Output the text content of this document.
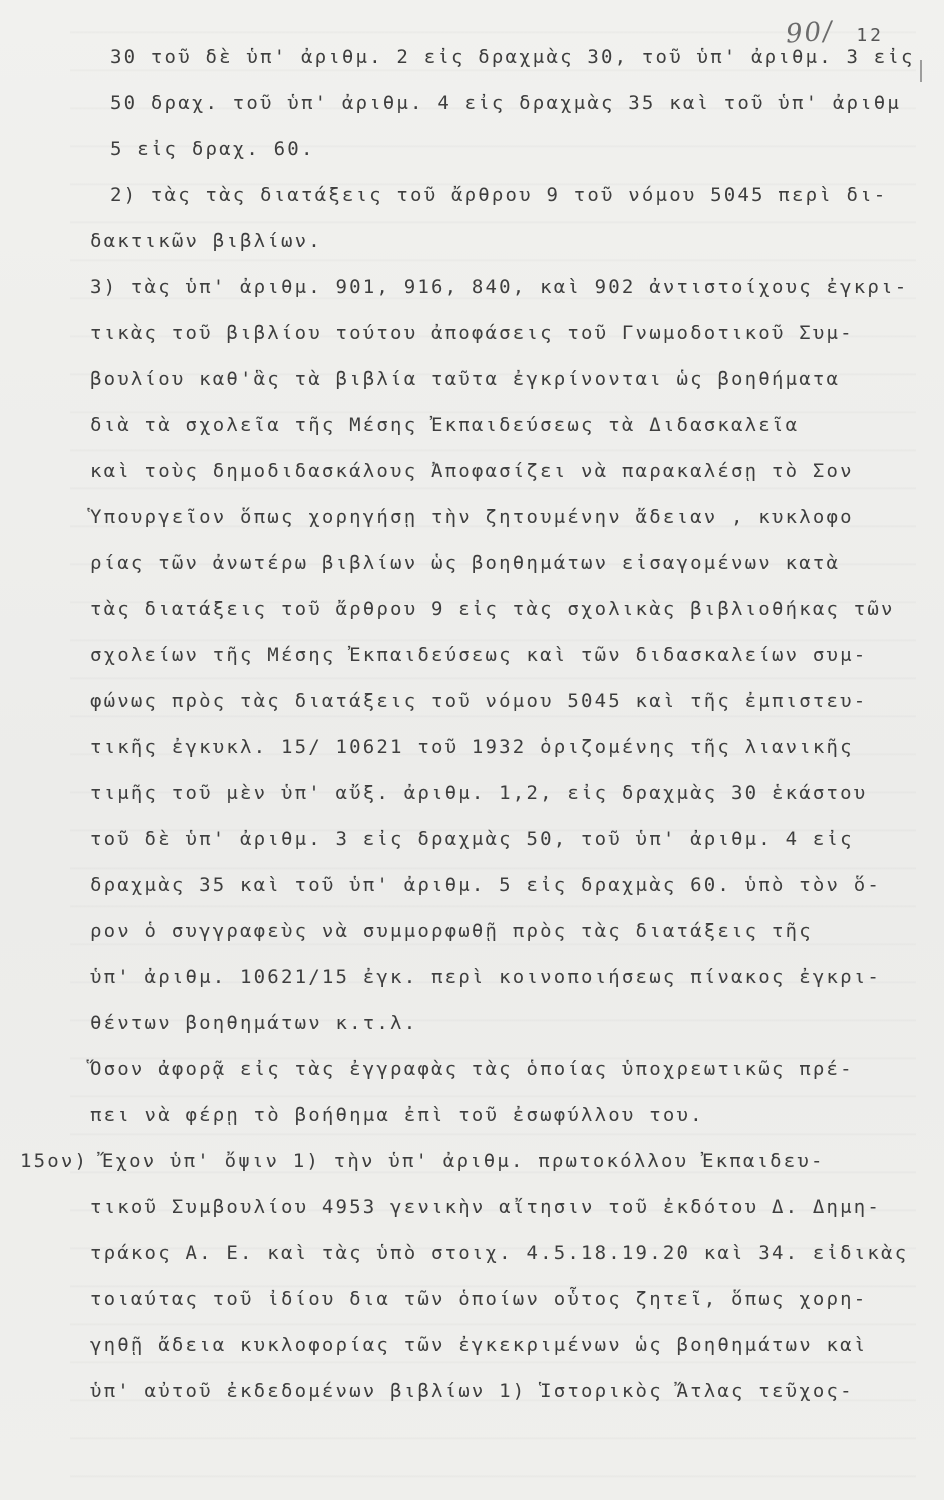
90/ 12
30 τοῦ δὲ ὑπ' ἀριθμ. 2 εἰς δραχμὰς 30, τοῦ ὑπ' ἀριθμ. 3 εἰς
50 δραχ. τοῦ ὑπ' ἀριθμ. 4 εἰς δραχμὰς 35 καὶ τοῦ ὑπ' ἀριθμ
5 εἰς δραχ. 60.
2) τὰς τὰς διατάξεις τοῦ ἄρθρου 9 τοῦ νόμου 5045 περὶ δι-
δακτικῶν βιβλίων.
3) τὰς ὑπ' ἀριθμ. 901, 916, 840, καὶ 902 ἀντιστοίχους ἐγκρι-
τικὰς τοῦ βιβλίου τούτου ἀποφάσεις τοῦ Γνωμοδοτικοῦ Συμ-
βουλίου καθ'ἃς τὰ βιβλία ταῦτα ἐγκρίνονται ὡς βοηθήματα
διὰ τὰ σχολεῖα τῆς Μέσης Ἐκπαιδεύσεως τὰ Διδασκαλεῖα
καὶ τοὺς δημοδιδασκάλους Ἀποφασίζει νὰ παρακαλέσῃ τὸ Σον
Ὑπουργεῖον ὅπως χορηγήσῃ τὴν ζητουμένην ἄδειαν , κυκλοφο
ρίας τῶν ἀνωτέρω βιβλίων ὡς βοηθημάτων εἰσαγομένων κατὰ
τὰς διατάξεις τοῦ ἄρθρου 9 εἰς τὰς σχολικὰς βιβλιοθήκας τῶν
σχολείων τῆς Μέσης Ἐκπαιδεύσεως καὶ τῶν διδασκαλείων συμ-
φώνως πρὸς τὰς διατάξεις τοῦ νόμου 5045 καὶ τῆς ἐμπιστευ-
τικῆς ἐγκυκλ. 15/ 10621 τοῦ 1932 ὁριζομένης τῆς λιανικῆς
τιμῆς τοῦ μὲν ὑπ' αὔξ. ἀριθμ. 1,2, εἰς δραχμὰς 30 ἑκάστου
τοῦ δὲ ὑπ' ἀριθμ. 3 εἰς δραχμὰς 50, τοῦ ὑπ' ἀριθμ. 4 εἰς
δραχμὰς 35 καὶ τοῦ ὑπ' ἀριθμ. 5 εἰς δραχμὰς 60. ὑπὸ τὸν ὅ-
ρον ὁ συγγραφεὺς νὰ συμμορφωθῇ πρὸς τὰς διατάξεις τῆς
ὑπ' ἀριθμ. 10621/15 ἐγκ. περὶ κοινοποιήσεως πίνακος ἐγκρι-
θέντων βοηθημάτων κ.τ.λ.
Ὅσον ἀφορᾷ εἰς τὰς ἐγγραφὰς τὰς ὁποίας ὑποχρεωτικῶς πρέ-
πει νὰ φέρῃ τὸ βοήθημα ἐπὶ τοῦ ἐσωφύλλου του.
15ον) Ἔχον ὑπ' ὄψιν 1) τὴν ὑπ' ἀριθμ. πρωτοκόλλου Ἐκπαιδευ-
τικοῦ Συμβουλίου 4953 γενικὴν αἴτησιν τοῦ ἐκδότου Δ. Δημη-
τράκος Α. Ε. καὶ τὰς ὑπὸ στοιχ. 4.5.18.19.20 καὶ 34. εἰδικὰς
τοιαύτας τοῦ ἰδίου δια τῶν ὁποίων οὗτος ζητεῖ, ὅπως χορη-
γηθῇ ἄδεια κυκλοφορίας τῶν ἐγκεκριμένων ὡς βοηθημάτων καὶ
ὑπ' αὐτοῦ ἐκδεδομένων βιβλίων 1) Ἱστορικὸς Ἄτλας τεῦχος-
